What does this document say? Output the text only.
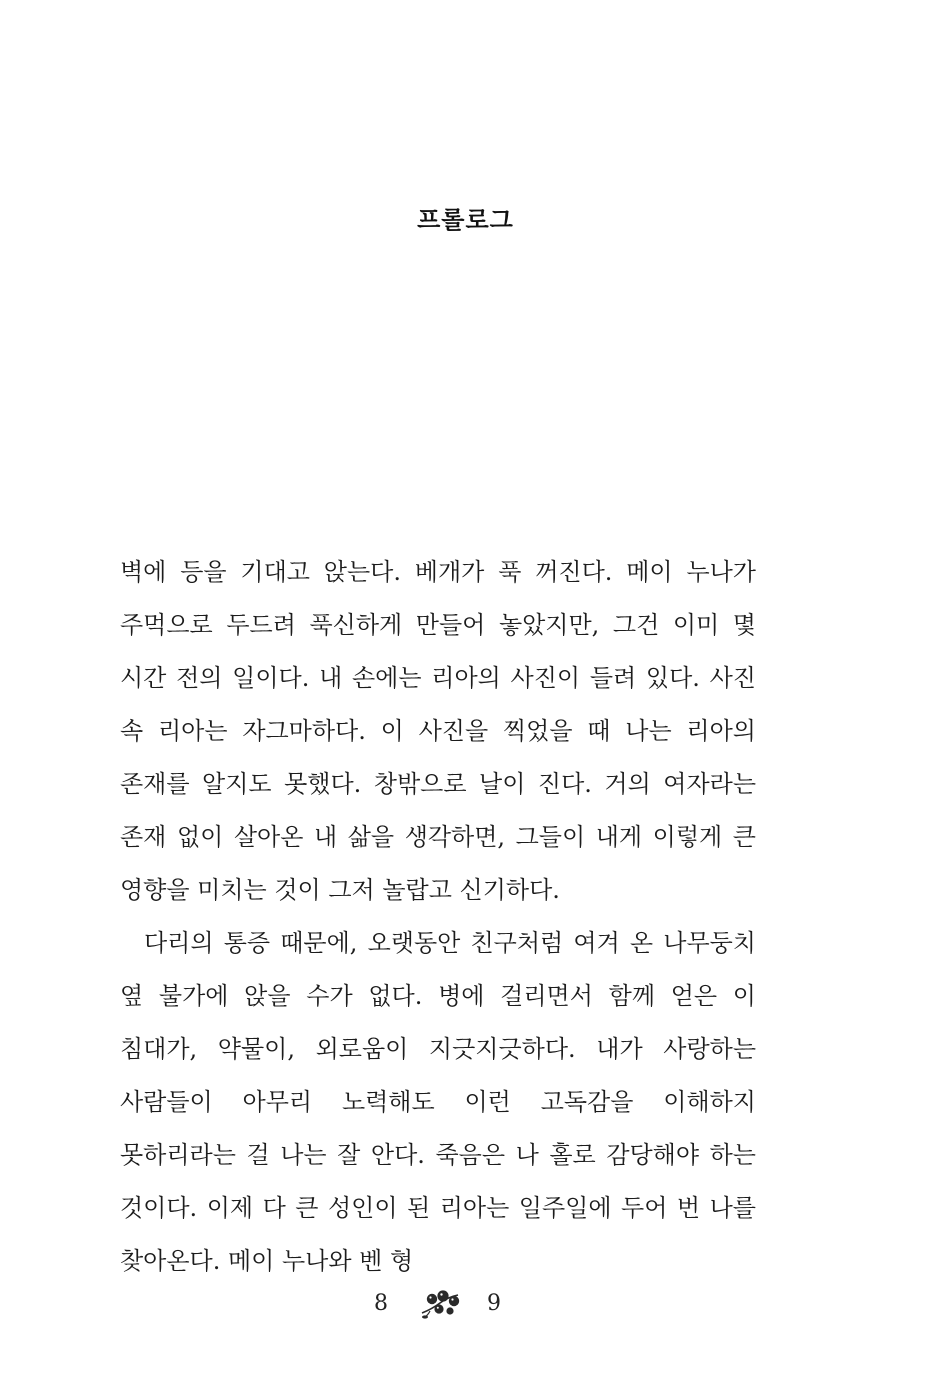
프롤로그

벽에 등을 기대고 앉는다. 베개가 푹 꺼진다. 메이 누나가 주먹으로 두드려 푹신하게 만들어 놓았지만, 그건 이미 몇 시간 전의 일이다. 내 손에는 리아의 사진이 들려 있다. 사진 속 리아는 자그마하다. 이 사진을 찍었을 때 나는 리아의 존재를 알지도 못했다. 창밖으로 날이 진다. 거의 여자라는 존재 없이 살아온 내 삶을 생각하면, 그들이 내게 이렇게 큰 영향을 미치는 것이 그저 놀랍고 신기하다.

다리의 통증 때문에, 오랫동안 친구처럼 여겨 온 나무둥치 옆 불가에 앉을 수가 없다. 병에 걸리면서 함께 얻은 이 침대가, 약물이, 외로움이 지긋지긋하다. 내가 사랑하는 사람들이 아무리 노력해도 이런 고독감을 이해하지 못하리라는 걸 나는 잘 안다. 죽음은 나 홀로 감당해야 하는 것이다. 이제 다 큰 성인이 된 리아는 일주일에 두어 번 나를 찾아온다. 메이 누나와 벤 형

8	9
